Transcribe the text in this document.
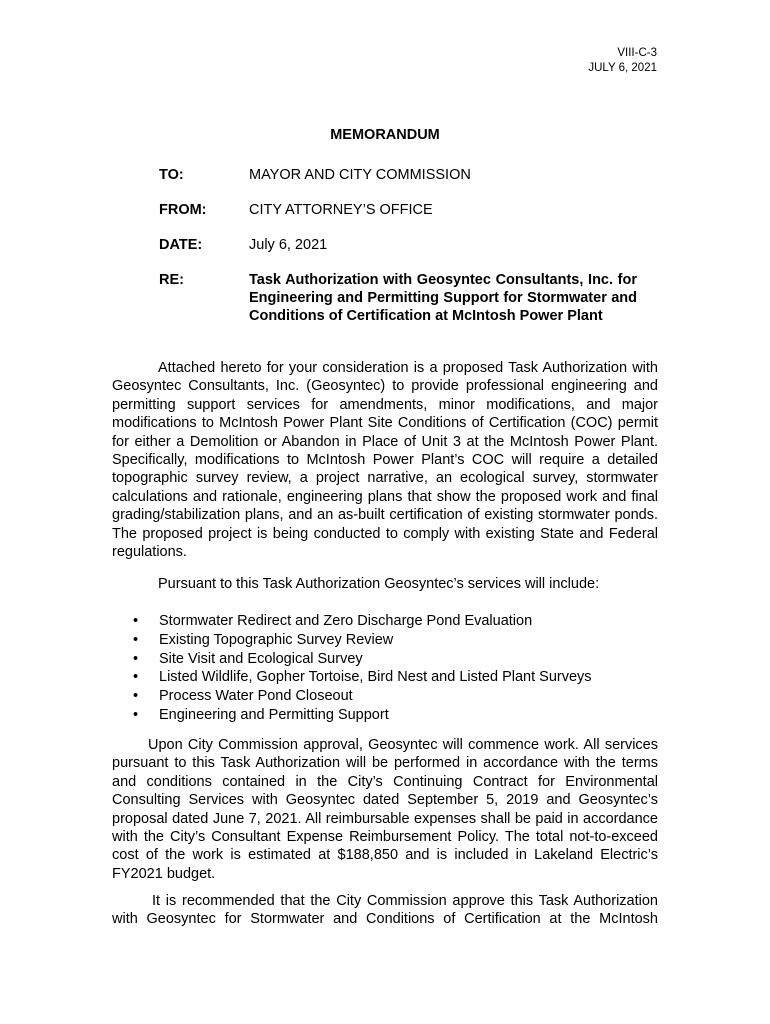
VIII-C-3
JULY 6, 2021
MEMORANDUM
TO:	MAYOR AND CITY COMMISSION
FROM:	CITY ATTORNEY’S OFFICE
DATE:	July 6, 2021
RE:	Task Authorization with Geosyntec Consultants, Inc. for Engineering and Permitting Support for Stormwater and Conditions of Certification at McIntosh Power Plant

Attached hereto for your consideration is a proposed Task Authorization with Geosyntec Consultants, Inc. (Geosyntec) to provide professional engineering and permitting support services for amendments, minor modifications, and major modifications to McIntosh Power Plant Site Conditions of Certification (COC) permit for either a Demolition or Abandon in Place of Unit 3 at the McIntosh Power Plant. Specifically, modifications to McIntosh Power Plant’s COC will require a detailed topographic survey review, a project narrative, an ecological survey, stormwater calculations and rationale, engineering plans that show the proposed work and final grading/stabilization plans, and an as-built certification of existing stormwater ponds. The proposed project is being conducted to comply with existing State and Federal regulations.

Pursuant to this Task Authorization Geosyntec’s services will include:

• Stormwater Redirect and Zero Discharge Pond Evaluation
• Existing Topographic Survey Review
• Site Visit and Ecological Survey
• Listed Wildlife, Gopher Tortoise, Bird Nest and Listed Plant Surveys
• Process Water Pond Closeout
• Engineering and Permitting Support

Upon City Commission approval, Geosyntec will commence work. All services pursuant to this Task Authorization will be performed in accordance with the terms and conditions contained in the City’s Continuing Contract for Environmental Consulting Services with Geosyntec dated September 5, 2019 and Geosyntec’s proposal dated June 7, 2021. All reimbursable expenses shall be paid in accordance with the City’s Consultant Expense Reimbursement Policy. The total not-to-exceed cost of the work is estimated at $188,850 and is included in Lakeland Electric’s FY2021 budget.

It is recommended that the City Commission approve this Task Authorization with Geosyntec for Stormwater and Conditions of Certification at the McIntosh
